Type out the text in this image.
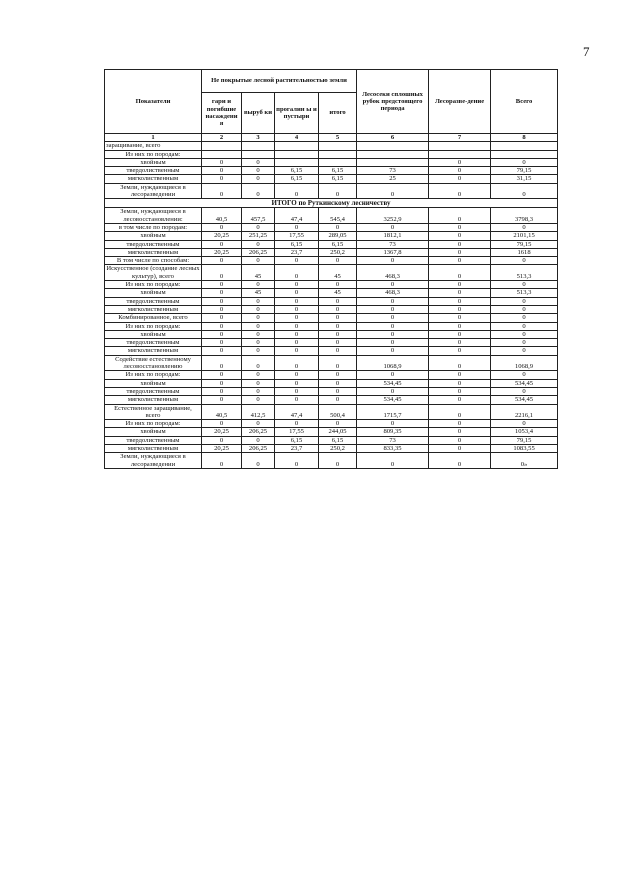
7
Показатели	Не покрытые лесной растительностью земли				Лесосеки сплошных рубок предстоящего периода	Лесоразве-дение	Всего
	гари и погибшие насаждени я	выруб ки	прогалин ы и пустыри	итого			
1	2	3	4	5	6	7	8
заращивание, всего							
Из них по породам:							
хвойным	0	0				0	0
твердолиственным	0	0	6,15	6,15	73	0	79,15
мягколиственным	0	0	6,15	6,15	25	0	31,15
Земли, нуждающиеся в лесоразведении	0	0	0	0	0	0	0
ИТОГО по Руткинскому лесничеству							
Земли, нуждающиеся в лесовосстановлении:	40,5	457,5	47,4	545,4	3252,9	0	3798,3
в том числе по породам:	0	0	0	0	0	0	0
хвойным	20,25	251,25	17,55	289,05	1812,1	0	2101,15
твердолиственным	0	0	6,15	6,15	73	0	79,15
мягколиственным	20,25	206,25	23,7	250,2	1367,8	0	1618
В том числе по способам:	0	0	0	0	0	0	0
Искусственное (создание лесных культур), всего	0	45	0	45	468,3	0	513,3
Из них по породам:	0	0	0	0	0	0	0
хвойным	0	45	0	45	468,3	0	513,3
твердолиственным	0	0	0	0	0	0	0
мягколиственным	0	0	0	0	0	0	0
Комбинированное, всего	0	0	0	0	0	0	0
Из них по породам:	0	0	0	0	0	0	0
хвойным	0	0	0	0	0	0	0
твердолиственным	0	0	0	0	0	0	0
мягколиственным	0	0	0	0	0	0	0
Содействие естественному лесовосстановлению	0	0	0	0	1068,9	0	1068,9
Из них по породам:	0	0	0	0	0	0	0
хвойным	0	0	0	0	534,45	0	534,45
твердолиственным	0	0	0	0	0	0	0
мягколиственным	0	0	0	0	534,45	0	534,45
Естественное заращивание, всего	40,5	412,5	47,4	500,4	1715,7	0	2216,1
Из них по породам:	0	0	0	0	0	0	0
хвойным	20,25	206,25	17,55	244,05	809,35	0	1053,4
твердолиственным	0	0	6,15	6,15	73	0	79,15
мягколиственным	20,25	206,25	23,7	250,2	833,35	0	1083,55
Земли, нуждающиеся в лесоразведении	0	0	0	0	0	0	0»
